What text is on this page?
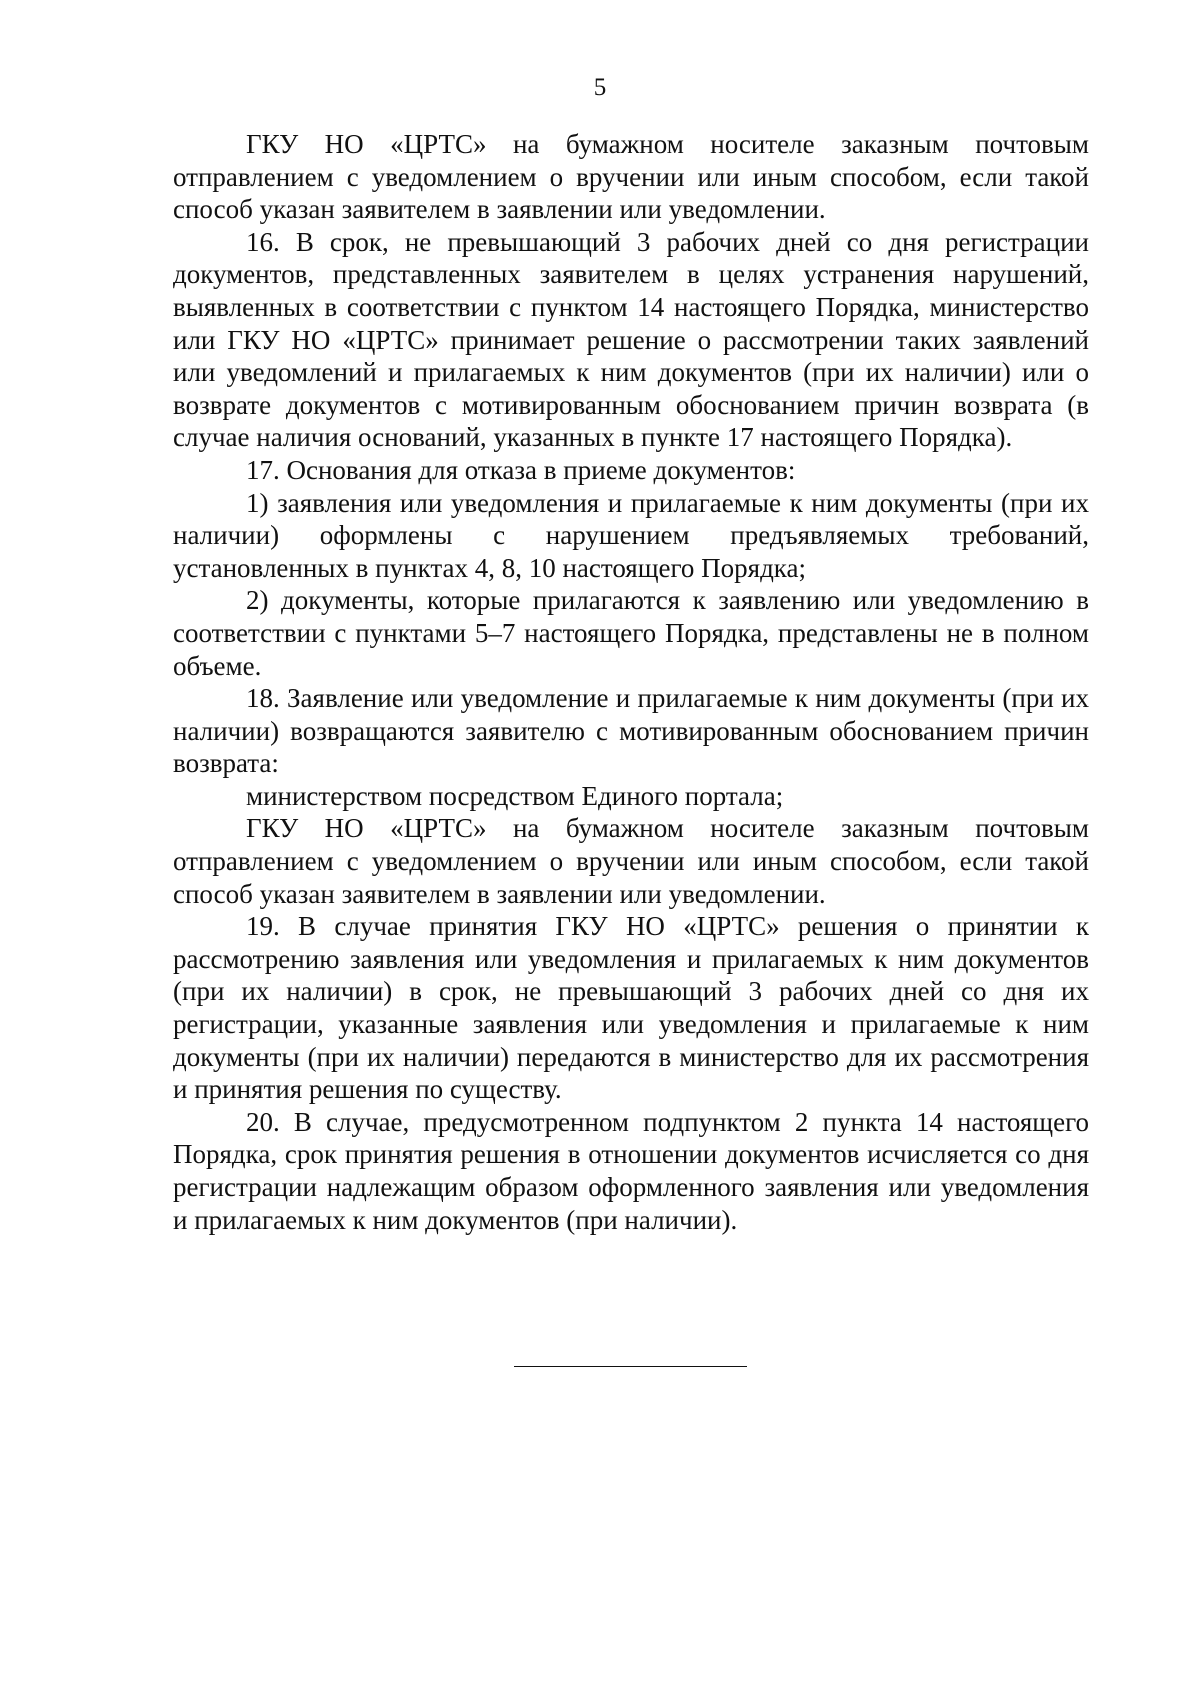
5

ГКУ НО «ЦРТС» на бумажном носителе заказным почтовым отправлением с уведомлением о вручении или иным способом, если такой способ указан заявителем в заявлении или уведомлении.

16. В срок, не превышающий 3 рабочих дней со дня регистрации документов, представленных заявителем в целях устранения нарушений, выявленных в соответствии с пунктом 14 настоящего Порядка, министерство или ГКУ НО «ЦРТС» принимает решение о рассмотрении таких заявлений или уведомлений и прилагаемых к ним документов (при их наличии) или о возврате документов с мотивированным обоснованием причин возврата (в случае наличия оснований, указанных в пункте 17 настоящего Порядка).

17. Основания для отказа в приеме документов:

1) заявления или уведомления и прилагаемые к ним документы (при их наличии) оформлены с нарушением предъявляемых требований, установленных в пунктах 4, 8, 10 настоящего Порядка;

2) документы, которые прилагаются к заявлению или уведомлению в соответствии с пунктами 5–7 настоящего Порядка, представлены не в полном объеме.

18. Заявление или уведомление и прилагаемые к ним документы (при их наличии) возвращаются заявителю с мотивированным обоснованием причин возврата:

министерством посредством Единого портала;

ГКУ НО «ЦРТС» на бумажном носителе заказным почтовым отправлением с уведомлением о вручении или иным способом, если такой способ указан заявителем в заявлении или уведомлении.

19. В случае принятия ГКУ НО «ЦРТС» решения о принятии к рассмотрению заявления или уведомления и прилагаемых к ним документов (при их наличии) в срок, не превышающий 3 рабочих дней со дня их регистрации, указанные заявления или уведомления и прилагаемые к ним документы (при их наличии) передаются в министерство для их рассмотрения и принятия решения по существу.

20. В случае, предусмотренном подпунктом 2 пункта 14 настоящего Порядка, срок принятия решения в отношении документов исчисляется со дня регистрации надлежащим образом оформленного заявления или уведомления и прилагаемых к ним документов (при наличии).
